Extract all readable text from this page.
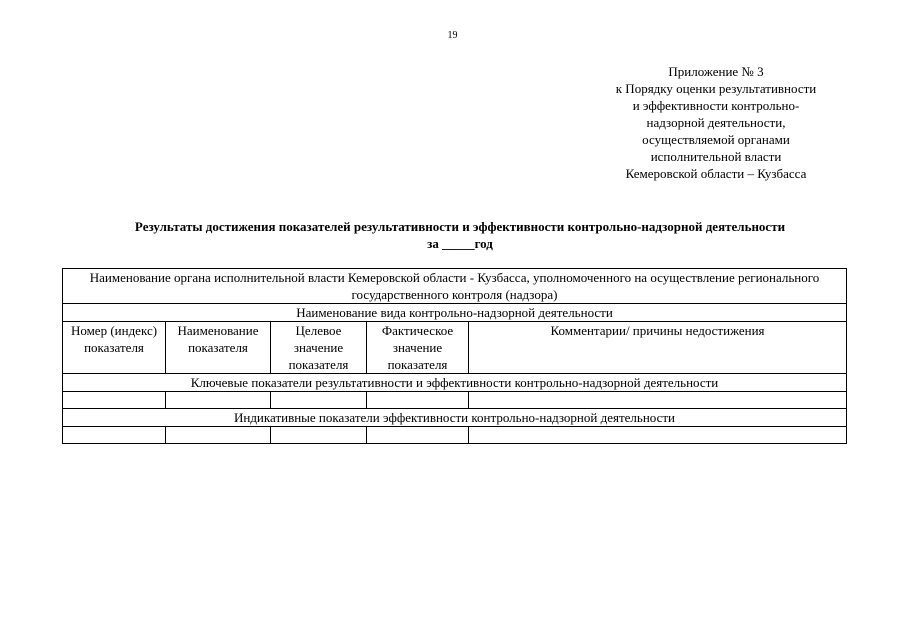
19
Приложение № 3
к Порядку оценки результативности
и эффективности контрольно-
надзорной деятельности,
осуществляемой органами
исполнительной власти
Кемеровской области – Кузбасса
Результаты достижения показателей результативности и эффективности контрольно-надзорной деятельности
за _____год
Наименование органа исполнительной власти Кемеровской области - Кузбасса, уполномоченного на осуществление регионального государственного контроля (надзора)				
Наименование вида контрольно-надзорной деятельности				
Номер (индекс) показателя	Наименование показателя	Целевое значение показателя	Фактическое значение показателя	Комментарии/ причины недостижения
Ключевые показатели результативности и эффективности контрольно-надзорной деятельности				

Индикативные показатели эффективности контрольно-надзорной деятельности				
